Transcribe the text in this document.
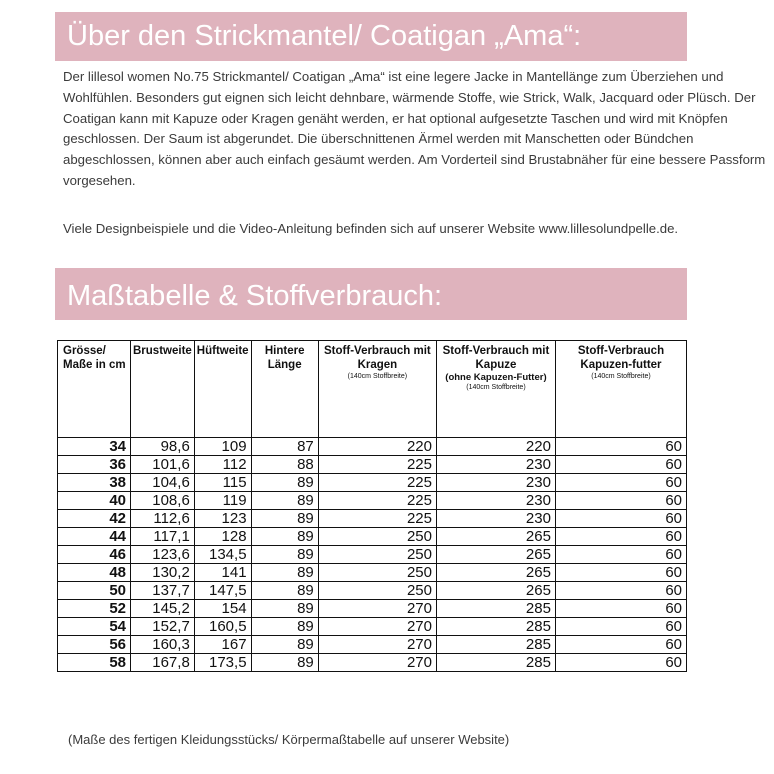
Über den Strickmantel/ Coatigan „Ama“:

Der lillesol women No.75 Strickmantel/ Coatigan „Ama“ ist eine legere Jacke in Mantellänge zum Überziehen und Wohlfühlen. Besonders gut eignen sich leicht dehnbare, wärmende Stoffe, wie Strick, Walk, Jacquard oder Plüsch. Der Coatigan kann mit Kapuze oder Kragen genäht werden, er hat optional aufgesetzte Taschen und wird mit Knöpfen geschlossen. Der Saum ist abgerundet. Die überschnittenen Ärmel werden mit Manschetten oder Bündchen abgeschlossen, können aber auch einfach gesäumt werden. Am Vorderteil sind Brustabnäher für eine bessere Passform vorgesehen.

Viele Designbeispiele und die Video-Anleitung befinden sich auf unserer Website www.lillesolundpelle.de.

Maßtabelle & Stoffverbrauch:
Grösse/ Maße in cm	Brustweite	Hüftweite	Hintere Länge	Stoff-Verbrauch mit Kragen
(140cm Stoffbreite)	Stoff-Verbrauch mit Kapuze
(ohne Kapuzen-Futter)
(140cm Stoffbreite)	Stoff-Verbrauch Kapuzen-futter
(140cm Stoffbreite)

34	98,6	109	87	220	220	60
36	101,6	112	88	225	230	60
38	104,6	115	89	225	230	60
40	108,6	119	89	225	230	60
42	112,6	123	89	225	230	60
44	117,1	128	89	250	265	60
46	123,6	134,5	89	250	265	60
48	130,2	141	89	250	265	60
50	137,7	147,5	89	250	265	60
52	145,2	154	89	270	285	60
54	152,7	160,5	89	270	285	60
56	160,3	167	89	270	285	60
58	167,8	173,5	89	270	285	60
(Maße des fertigen Kleidungsstücks/ Körpermaßtabelle auf unserer Website)
